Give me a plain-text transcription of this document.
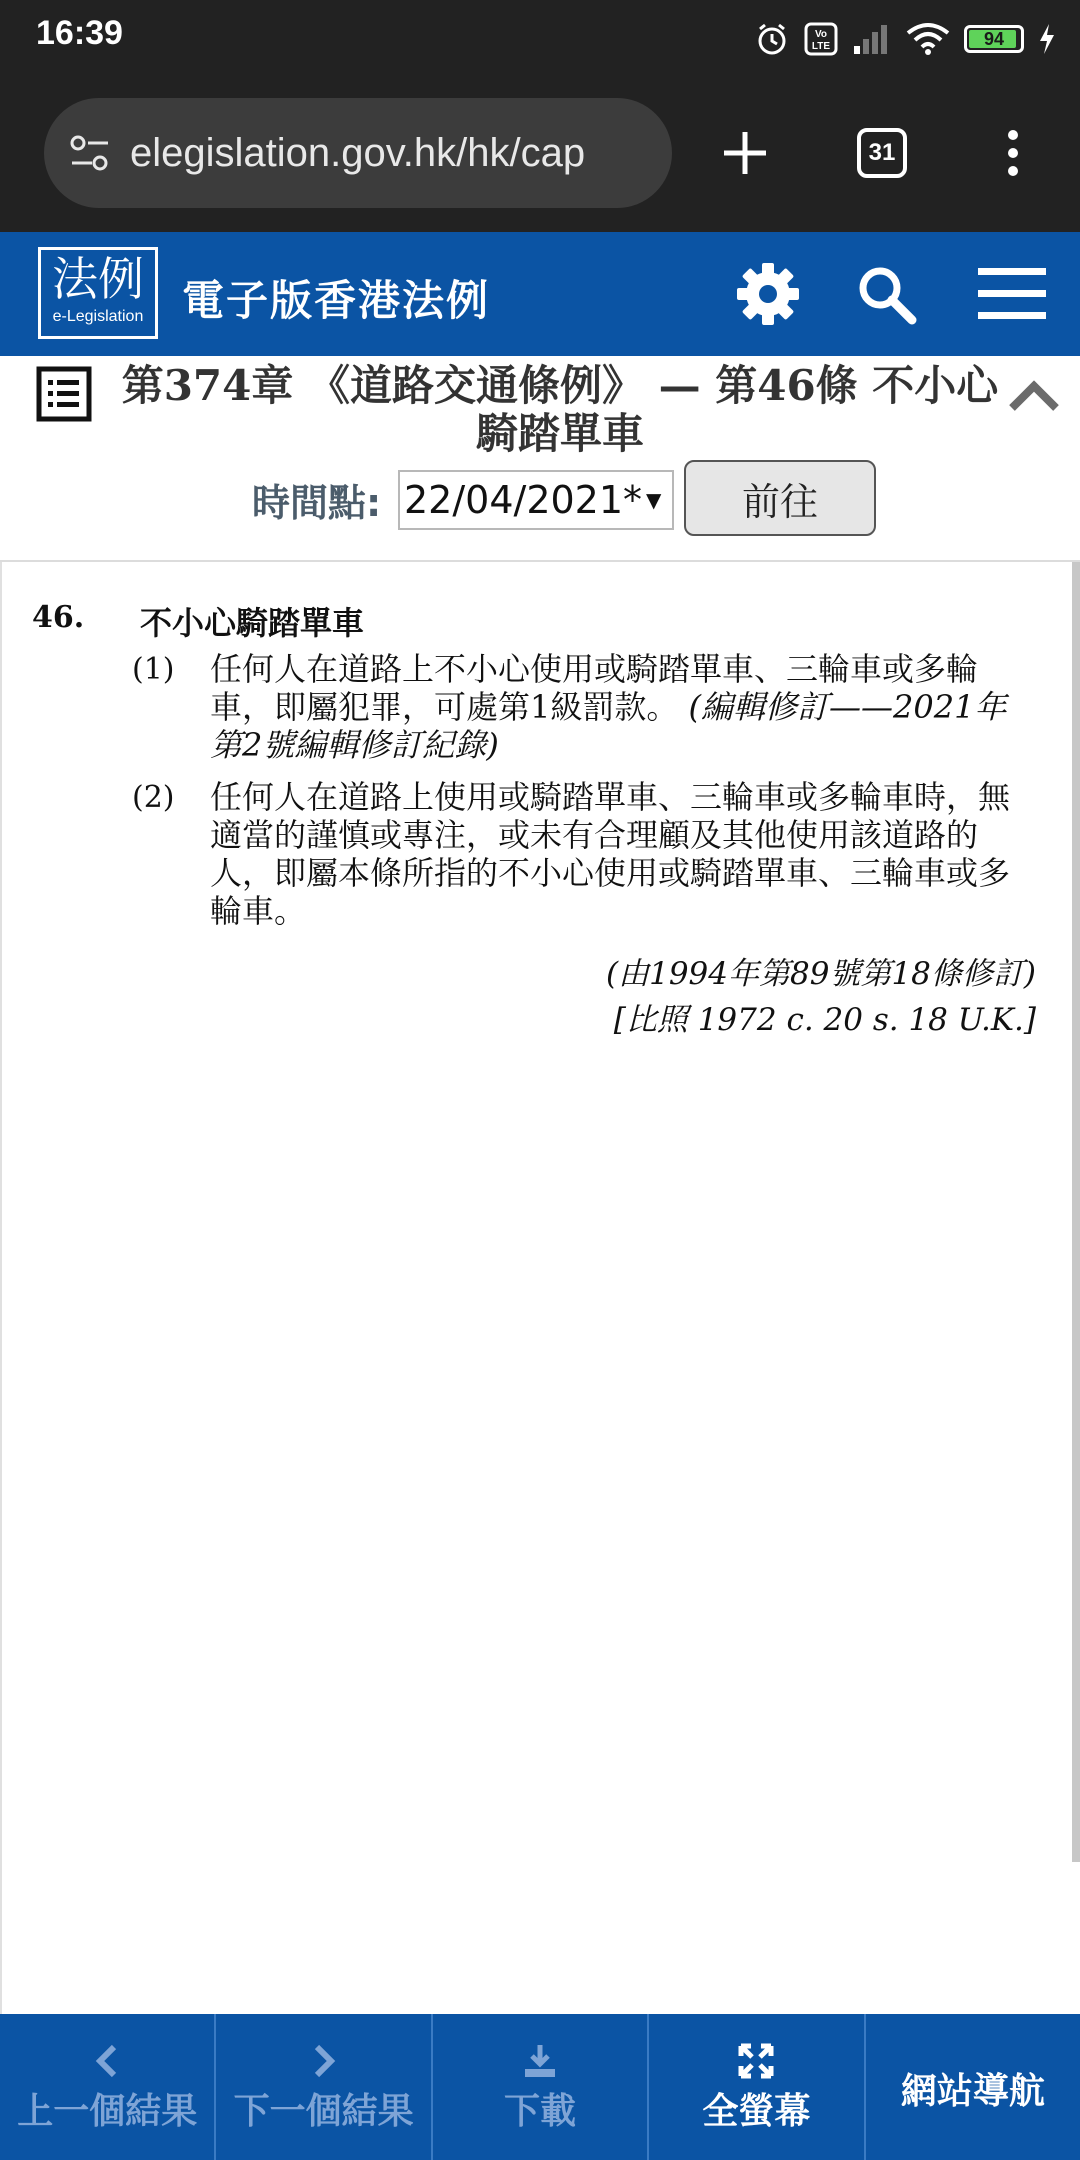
16:39	Vo
LTE	94
elegislation.gov.hk/hk/cap	31
法例
e-Legislation 電子版香港法例
第374章 《道路交通條例》 — 第46條 不小心騎踏單車
時間點: 22/04/2021* ▼	前往
46. 不小心騎踏單車
(1) 任何人在道路上不小心使用或騎踏單車、三輪車或多輪車，即屬犯罪，可處第1級罰款。 (編輯修訂——2021年第2號編輯修訂紀錄)
(2) 任何人在道路上使用或騎踏單車、三輪車或多輪車時，無適當的謹慎或專注，或未有合理顧及其他使用該道路的人，即屬本條所指的不小心使用或騎踏單車、三輪車或多輪車。
(由1994年第89號第18條修訂)
[比照 1972 c. 20 s. 18 U.K.]
上一個結果 下一個結果	下載	全螢幕	網站導航
